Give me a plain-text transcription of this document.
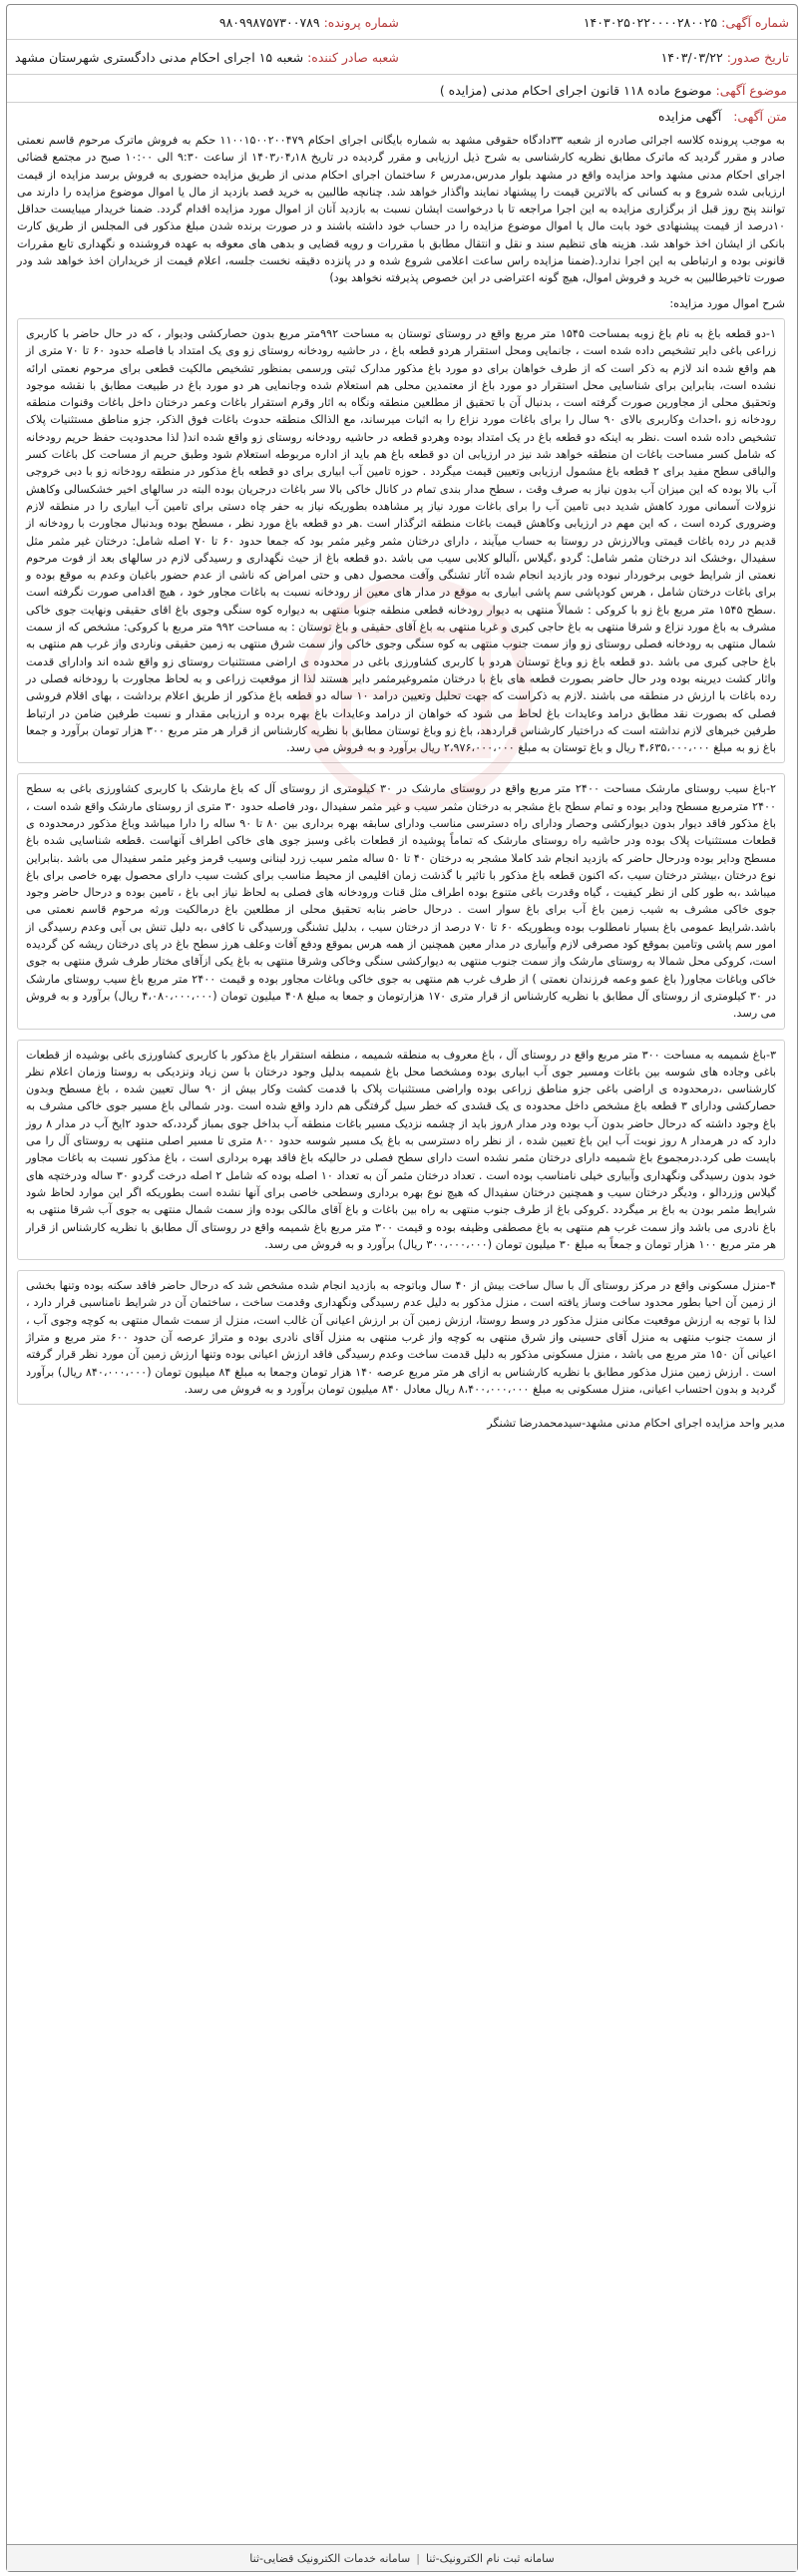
شماره آگهی: ۱۴۰۳۰۲۵۰۲۲۰۰۰۰۲۸۰۰۲۵	شماره پرونده: ۹۸۰۹۹۸۷۵۷۳۰۰۷۸۹
تاریخ صدور: ۱۴۰۳/۰۳/۲۲	شعبه صادر کننده: شعبه ۱۵ اجرای احکام مدنی دادگستری شهرستان مشهد
موضوع آگهی: موضوع ماده ۱۱۸ قانون اجرای احکام مدنی (مزایده )
متن آگهی: آگهی مزایده

به موجب پرونده کلاسه اجرائی صادره از شعبه ۳۳دادگاه حقوقی مشهد به شماره بایگانی اجرای احکام ۱۱۰۰۱۵۰۰۲۰۰۴۷۹ حکم به فروش ماترک مرحوم قاسم نعمتی صادر و مقرر گردید که ماترک مطابق نظریه کارشناسی به شرح ذیل ارزیابی و مقرر گردیده در تاریخ ۱۴۰۳٫۰۴٫۱۸ از ساعت ۹:۳۰ الی ۱۰:۰۰ صبح در مجتمع قضائی اجرای احکام مدنی مشهد واحد مزایده واقع در مشهد بلوار مدرس،مدرس ۶ ساختمان اجرای احکام مدنی از طریق مزایده حضوری به فروش برسد مزایده از قیمت ارزیابی شده شروع و به کسانی که بالاترین قیمت را پیشنهاد نمایند واگذار خواهد شد. چنانچه طالبین به خرید قصد بازدید از مال یا اموال موضوع مزایده را دارند می توانند پنج روز قبل از برگزاری مزایده به این اجرا مراجعه تا با درخواست ایشان نسبت به بازدید آنان از اموال مورد مزایده اقدام گردد. ضمنا خریدار میبایست حداقل ۱۰درصد از قیمت پیشنهادی خود بابت مال یا اموال موضوع مزایده را در حساب خود داشته باشند و در صورت برنده شدن مبلغ مذکور فی المجلس از طریق کارت بانکی از ایشان اخذ خواهد شد. هزینه های تنظیم سند و نقل و انتقال مطابق با مقررات و رویه قضایی و بدهی های معوقه به عهده فروشنده و نگهداری تابع مقررات قانونی بوده و ارتباطی به این اجرا ندارد.(ضمنا مزایده راس ساعت اعلامی شروع شده و در پانزده دقیقه نخست جلسه، اعلام قیمت از خریداران اخذ خواهد شد ودر صورت تاخیرطالبین به خرید و فروش اموال، هیچ گونه اعتراضی در این خصوص پذیرفته نخواهد بود)

شرح اموال مورد مزایده:
۱-دو قطعه باغ به نام باغ زوبه بمساحت ۱۵۴۵ متر مربع واقع در روستای توستان به مساحت ۹۹۲متر مربع بدون حصارکشی ودیوار ، که در حال حاضر با کاربری زراعی باغی دایر تشخیص داده شده است ، جانمایی ومحل استقرار هردو قطعه باغ ، در حاشیه رودخانه روستای زو وی یک امتداد با فاصله حدود ۶۰ تا ۷۰ متری از هم واقع شده اند لازم به ذکر است که از طرف خواهان برای دو مورد باغ مذکور مدارک ثبتی ورسمی بمنظور تشخیص مالکیت قطعی برای مرحوم نعمتی ارائه نشده است، بنابراین برای شناسایی محل استقرار دو مورد باغ از معتمدین محلی هم استعلام شده وجانمایی هر دو مورد باغ در طبیعت مطابق با نقشه موجود وتحقیق محلی از مجاورین صورت گرفته است ، بدنبال آن با تحقیق از مطلعین منطقه ونگاه به اثار وقرم استقرار باغات وعمر درختان داخل باغات وقنوات منطقه رودخانه زو ،احداث وکاربری بالای ۹۰ سال را برای باغات مورد نزاع را به اثبات میرساند، مع الذالک منطقه حدوث باغات فوق الذکر، جزو مناطق مستثنیات پلاک تشخیص داده شده است .نظر به اینکه دو قطعه باغ در یک امتداد بوده وهردو قطعه در حاشیه رودخانه روستای زو واقع شده اند( لذا محدودیت حفظ حریم رودخانه که شامل کسر مساحت باغات ان منطقه خواهد شد نیز در ارزیابی ان دو قطعه باغ هم باید از اداره مربوطه استعلام شود وطبق حریم از مساحت کل باغات کسر والباقی سطح مفید برای ۲ قطعه باغ مشمول ارزیابی وتعیین قیمت میگردد . حوزه تامین آب ابیاری برای دو قطعه باغ مذکور در منطقه رودخانه زو با دبی خروجی آب بالا بوده که این میزان آب بدون نیاز به صرف وقت ، سطح مدار بندی تمام در کانال خاکی بالا سر باغات درجریان بوده البته در سالهای اخیر خشکسالی وکاهش نزولات آسمانی مورد کاهش شدید دبی تامین آب را برای باغات مورد نیاز پر مشاهده بطوریکه نیاز به حفر چاه دستی برای تامین آب ابیاری را در منطقه لازم وضروری کرده است ، که این مهم در ارزیابی وکاهش قیمت باغات منطقه اثرگذار است .هر دو قطعه باغ مورد نظر ، مسطح بوده وبدنبال مجاورت با رودخانه از قدیم در رده باغات قیمتی وبالارزش در روستا به حساب میآیند ، دارای درختان مثمر وغیر مثمر بود که جمعا حدود ۶۰ تا ۷۰ اصله شامل: درختان غیر مثمر مثل سفیدال ،وخشک اند درختان مثمر شامل: گردو ،گیلاس ،آلبالو کلابی سیب می باشد .دو قطعه باغ از حیث نگهداری و رسیدگی لازم در سالهای بعد از فوت مرحوم نعمتی از شرایط خوبی برخوردار نبوده ودر بازدید انجام شده آثار تشنگی وآفت محصول دهی و حتی امراض که ناشی از عدم حضور باغبان وعدم به موقع بوده و برای باغات درختان شامل ، هرس کودپاشی سم پاشی ابیاری به موقع در مدار های معین از رودخانه نسبت به باغات مجاور خود ، هیچ اقدامی صورت نگرفته است .سطح ۱۵۴۵ متر مربع باغ زو با کروکی : شمالاً منتهی به دیوار رودخانه قطعی منطقه جنوبا منتهی به دیواره کوه سنگی وجوی باغ اقای حقیقی ونهایت جوی خاکی مشرف به باغ مورد نزاع و شرقا منتهی به باغ حاجی کبری و غربا منتهی به باغ آقای حقیقی و باغ توستان : به مساحت ۹۹۲ متر مربع با کروکی: مشخص که از سمت شمال منتهی به رودخانه فصلی روستای زو واز سمت جنوب منتهی به کوه سنگی وجوی خاکی واز سمت شرق منتهی به زمین حقیقی وناردی واز غرب هم منتهی به باغ حاجی کبری می باشد .دو قطعه باغ زو وباغ توستان هردو با کاربری کشاورزی باغی در محدوده ی اراضی مستثنیات روستای زو واقع شده اند وادارای قدمت واثار کشت دیرینه بوده ودر حال حاضر بصورت قطعه های باغ با درختان مثمروغیرمثمر دایر هستند لذا از موقعیت زراعی و به لحاظ مجاورت با رودخانه فصلی در رده باغات با ارزش در منطقه می باشند .لازم به ذکراست که جهت تحلیل وتعیین درامد ۱۰ ساله دو قطعه باغ مذکور از طریق اعلام برداشت ، بهای اقلام فروشی فصلی که بصورت نقد مطابق درامد وعایدات باغ لحاظ می شود که خواهان از درامد وعایدات باغ بهره برده و ارزیابی مقدار و نسبت طرفین ضامن در ارتباط طرفین خبرهای لازم نداشته است که دراختیار کارشناس قراردهد، باغ زو وباغ توستان مطابق با نظریه کارشناس از قرار هر متر مربع ۳۰۰ هزار تومان برآورد و جمعا باغ زو به مبلغ ۴،۶۳۵،۰۰۰،۰۰۰ ریال و باغ توستان به مبلغ ۲،۹۷۶،۰۰۰،۰۰۰ ریال برآورد و به فروش می رسد.
۲-باغ سیب روستای مارشک مساحت ۲۴۰۰ متر مربع واقع در روستای مارشک در ۳۰ کیلومتری از روستای آل که باغ مارشک با کاربری کشاورزی باغی به سطح ۲۴۰۰ مترمربع مسطح ودایر بوده و تمام سطح باغ مشجر به درختان مثمر سیب و غیر مثمر سفیدال ،ودر فاصله حدود ۳۰ متری از روستای مارشک واقع شده است ، باغ مذکور فاقد دیوار بدون دیوارکشی وحصار ودارای راه دسترسی مناسب ودارای سابقه بهره برداری بین ۸۰ تا ۹۰ ساله را دارا میباشد وباغ مذکور درمحدوده ی قطعات مستثنیات پلاک بوده ودر حاشیه راه روستای مارشک که تماماً پوشیده از قطعات باغی وسبز جوی های خاکی اطراف آنهاست .قطعه شناسایی شده باغ مسطح ودایر بوده ودرحال حاضر که بازدید انجام شد کاملا مشجر به درختان ۴۰ تا ۵۰ ساله مثمر سیب زرد لبنانی وسیب قرمز وغیر مثمر سفیدال می باشد .بنابراین نوع درختان ،بیشتر درختان سیب ،که اکنون قطعه باغ مذکور با تاثیر با گذشت زمان اقلیمی از محیط مناسب برای کشت سیب دارای محصول بهره خاصی برای باغ میباشد ،به طور کلی از نظر کیفیت ، گیاه وقدرت باغی متنوع بوده اطراف مثل قنات ورودخانه های فصلی به لحاظ نیاز ابی باغ ، تامین بوده و درحال حاضر وجود جوی خاکی مشرف به شیب زمین باغ آب برای باغ سوار است . درحال حاضر بنابه تحقیق محلی از مطلعین باغ درمالکیت ورثه مرحوم قاسم نعمتی می باشد.شرایط عمومی باغ بسیار نامطلوب بوده وبطوریکه ۶۰ تا ۷۰ درصد از درختان سیب ، بدلیل تشنگی ورسیدگی نا کافی ،به دلیل تنش بی آبی وعدم رسیدگی از امور سم پاشی وتامین بموقع کود مصرفی لازم وآبیاری در مدار معین همچنین از همه هرس بموقع ودفع آفات وعلف هرز سطح باغ در پای درختان ریشه کن گردیده است، کروکی محل شمالا به روستای مارشک واز سمت جنوب منتهی به دیوارکشی سنگی وخاکی وشرقا منتهی به باغ یکی ازآقای مختار طرف شرق منتهی به جوی خاکی وباغات مجاور( باغ عمو وعمه فرزندان نعمتی ) از طرف غرب هم منتهی به جوی خاکی وباغات مجاور بوده و قیمت ۲۴۰۰ متر مربع باغ سیب روستای مارشک در ۳۰ کیلومتری از روستای آل مطابق با نظریه کارشناس از قرار متری ۱۷۰ هزارتومان و جمعا به مبلغ ۴۰۸ میلیون تومان (۴،۰۸۰،۰۰۰،۰۰۰ ریال) برآورد و به فروش می رسد.
۳-باغ شمیمه به مساحت ۳۰۰ متر مربع واقع در روستای آل ، باغ معروف به منطقه شمیمه ، منطقه استقرار باغ مذکور با کاربری کشاورزی باغی بوشیده از قطعات باغی وجاده های شوسه بین باغات ومسیر جوی آب ابیاری بوده ومشخصا محل باغ شمیمه بدلیل وجود درختان با سن زیاد ونزدیکی به روستا وزمان اعلام نظر کارشناسی ،درمحدوده ی اراضی باغی جزو مناطق زراعی بوده واراضی مستثنیات پلاک با قدمت کشت وکار بیش از ۹۰ سال تعیین شده ، باغ مسطح وبدون حصارکشی ودارای ۳ قطعه باغ مشخص داخل محدوده ی یک قشدی که خطر سیل گرفتگی هم دارد واقع شده است .ودر شمالی باغ مسیر جوی خاکی مشرف به باغ وجود داشته که درحال حاضر بدون آب بوده ودر مدار ۸روز باید از چشمه نزدیک مسیر باغات منطقه آب بداخل جوی بمباز گردد،که حدود ۲ایخ آب در مدار ۸ روز دارد که در هرمدار ۸ روز نوبت آب این باغ تعیین شده ، از نظر راه دسترسی به باغ یک مسیر شوسه حدود ۸۰۰ متری تا مسیر اصلی منتهی به روستای آل را می بایست طی کرد.درمجموع باغ شمیمه دارای درختان مثمر نشده است دارای سطح فصلی در حالیکه باغ فاقد بهره برداری است ، باغ مذکور نسبت به باغات مجاور خود بدون رسیدگی ونگهداری وآبیاری خیلی نامناسب بوده است . تعداد درختان مثمر آن به تعداد ۱۰ اصله بوده که شامل ۲ اصله درخت گردو ۳۰ ساله ودرختچه های گیلاس وزردالو ، ودیگر درختان سیب و همچنین درختان سفیدال که هیچ نوع بهره برداری وسطحی خاصی برای آنها نشده است بطوریکه اگر این موارد لحاظ شود شرایط مثمر بودن به باغ بر میگردد .کروکی باغ از طرف جنوب منتهی به راه بین باغات و باغ آقای مالکی بوده واز سمت شمال منتهی به جوی آب شرقا منتهی به باغ نادری می باشد واز سمت غرب هم منتهی به باغ مصطفی وظیفه بوده و قیمت ۳۰۰ متر مربع باغ شمیمه واقع در روستای آل مطابق با نظریه کارشناس از قرار هر متر مربع ۱۰۰ هزار تومان و جمعاً به مبلغ ۳۰ میلیون تومان (۳۰۰،۰۰۰،۰۰۰ ریال) برآورد و به فروش می رسد.
۴-منزل مسکونی واقع در مرکز روستای آل با سال ساخت بیش از ۴۰ سال وباتوجه به بازدید انجام شده مشخص شد که درحال حاضر فاقد سکنه بوده وتنها بخشی از زمین آن احیا بطور محدود ساخت وساز یافته است ، منزل مذکور به دلیل عدم رسیدگی ونگهداری وقدمت ساخت ، ساختمان آن در شرایط نامناسبی قرار دارد ، لذا با توجه به ارزش موقعیت مکانی منزل مذکور در وسط روستا، ارزش زمین آن بر ارزش اعیانی آن غالب است، منزل از سمت شمال منتهی به کوچه وجوی آب ، از سمت جنوب منتهی به منزل آقای حسینی واز شرق منتهی به کوچه واز غرب منتهی به منزل آقای نادری بوده و متراژ عرصه آن حدود ۶۰۰ متر مربع و متراژ اعیانی آن ۱۵۰ متر مربع می باشد ، منزل مسکونی مذکور به دلیل قدمت ساخت وعدم رسیدگی فاقد ارزش اعیانی بوده وتنها ارزش زمین آن مورد نظر قرار گرفته است . ارزش زمین منزل مذکور مطابق با نظریه کارشناس به ازای هر متر مربع عرصه ۱۴۰ هزار تومان وجمعا به مبلغ ۸۴ میلیون تومان (۸۴۰،۰۰۰،۰۰۰ ریال) برآورد گردید و بدون احتساب اعیانی، منزل مسکونی به مبلغ ۸،۴۰۰،۰۰۰،۰۰۰ ریال معادل ۸۴۰ میلیون تومان برآورد و به فروش می رسد.
مدیر واحد مزایده اجرای احکام مدنی مشهد-سیدمحمدرضا تشنگر
سامانه ثبت نام الکترونیک-ثنا
|
سامانه خدمات الکترونیک قضایی-ثنا
